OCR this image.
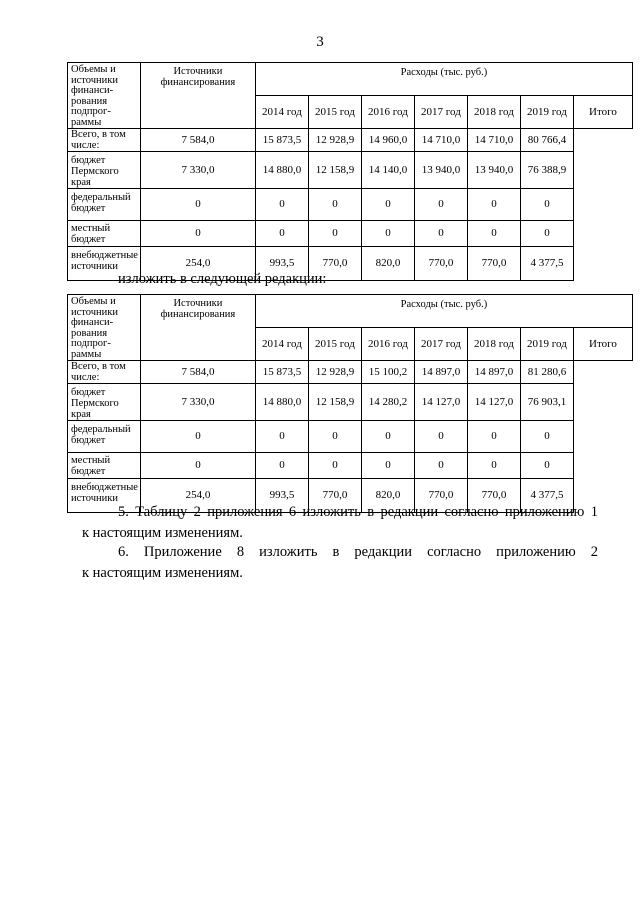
3
Объемы и источники финанси-рования подпрог-раммы	Источники финансирования	Расходы (тыс. руб.)						
		2014 год	2015 год	2016 год	2017 год	2018 год	2019 год	Итого
Всего, в том числе:	7 584,0	15 873,5	12 928,9	14 960,0	14 710,0	14 710,0	80 766,4	
бюджет Пермского края	7 330,0	14 880,0	12 158,9	14 140,0	13 940,0	13 940,0	76 388,9	
федеральный бюджет	0	0	0	0	0	0	0	
местный бюджет	0	0	0	0	0	0	0	
внебюджетные источники	254,0	993,5	770,0	820,0	770,0	770,0	4 377,5	
Объемы и источники финанси-рования подпрог-раммы	Источники финансирования	Расходы (тыс. руб.)						
		2014 год	2015 год	2016 год	2017 год	2018 год	2019 год	Итого
Всего, в том числе:	7 584,0	15 873,5	12 928,9	15 100,2	14 897,0	14 897,0	81 280,6	
бюджет Пермского края	7 330,0	14 880,0	12 158,9	14 280,2	14 127,0	14 127,0	76 903,1	
федеральный бюджет	0	0	0	0	0	0	0	
местный бюджет	0	0	0	0	0	0	0	
внебюджетные источники	254,0	993,5	770,0	820,0	770,0	770,0	4 377,5	
изложить в следующей редакции:
5. Таблицу 2 приложения 6 изложить в редакции согласно приложению 1
к настоящим изменениям.
6. Приложение 8 изложить в редакции согласно приложению 2
к настоящим изменениям.
